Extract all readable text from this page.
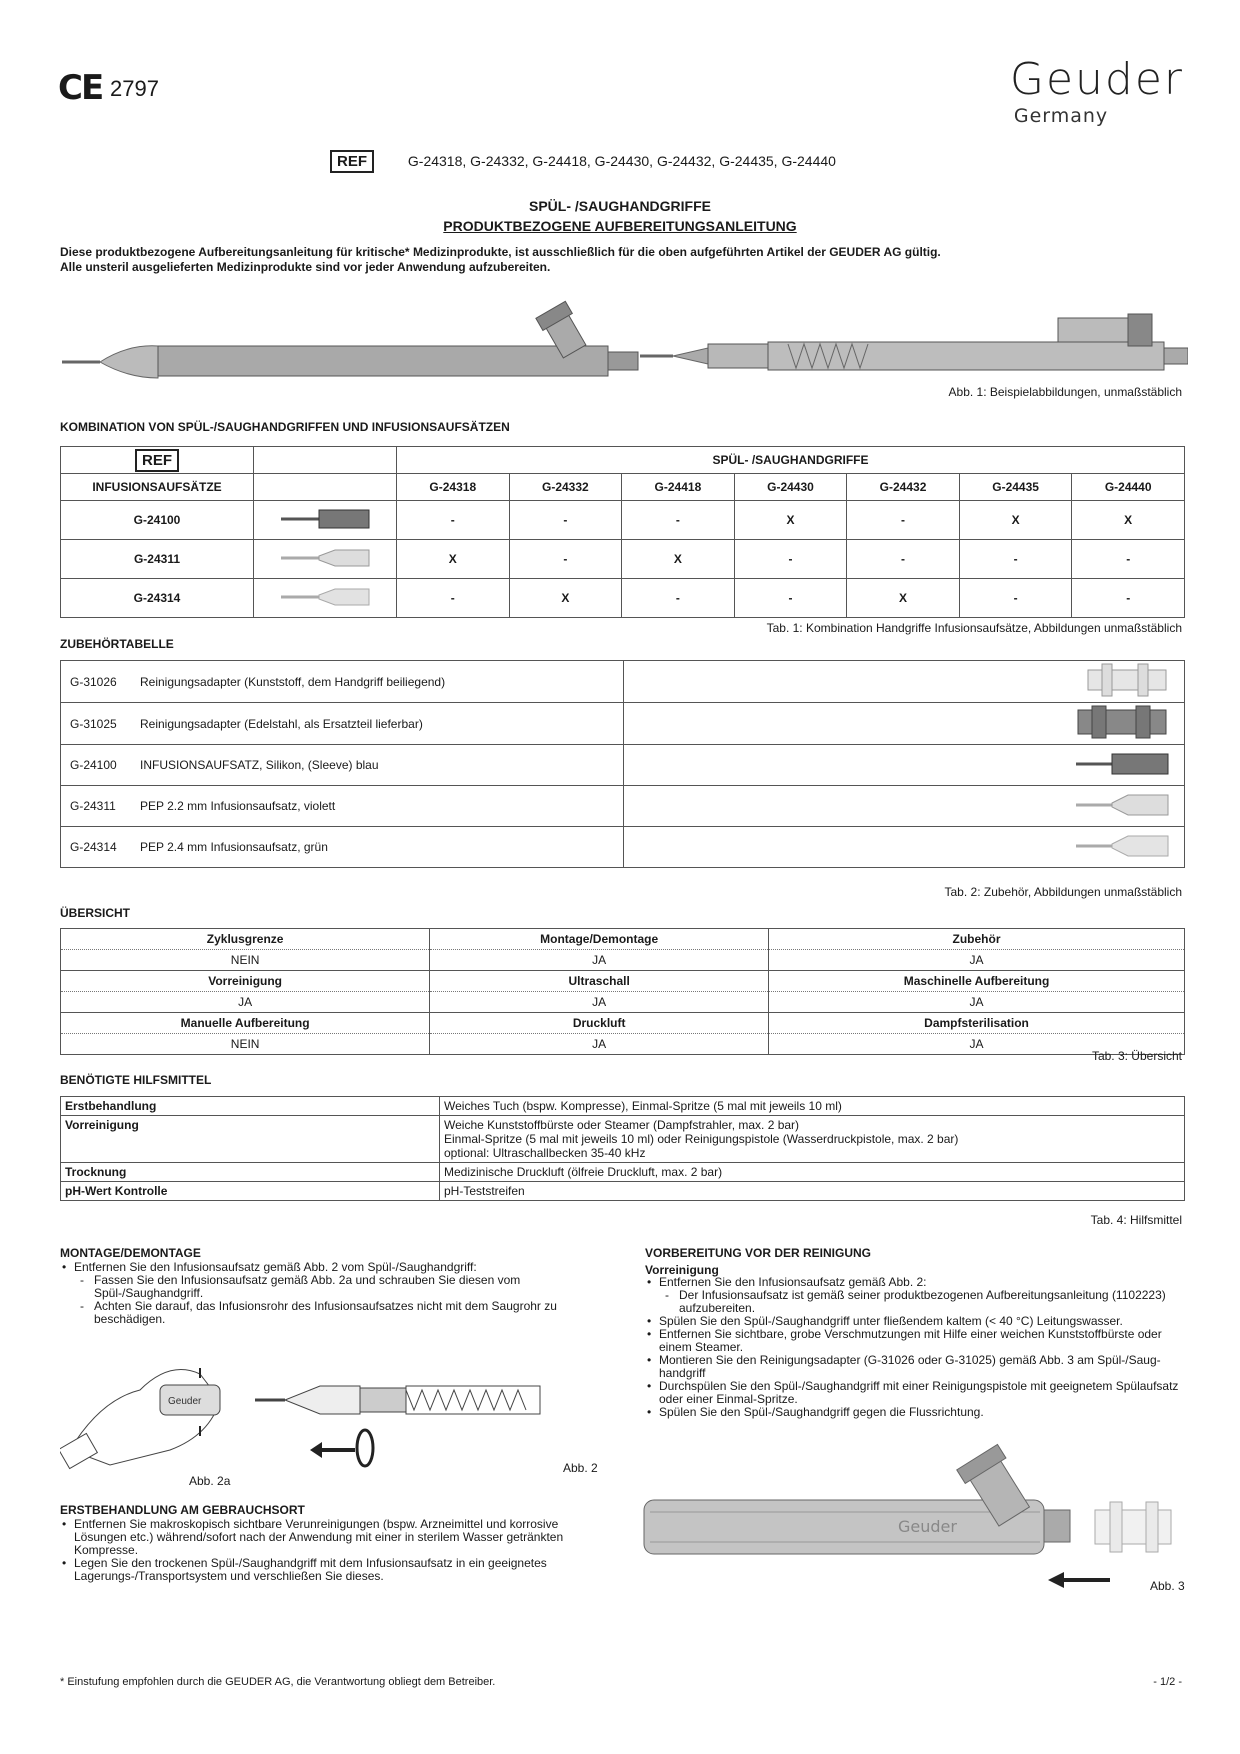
CE 2797	Geuder
Germany
REF	G-24318, G-24332, G-24418, G-24430, G-24432, G-24435, G-24440
SPÜL- /SAUGHANDGRIFFE
PRODUKTBEZOGENE AUFBEREITUNGSANLEITUNG
Diese produktbezogene Aufbereitungsanleitung für kritische* Medizinprodukte, ist ausschließlich für die oben aufgeführten Artikel der GEUDER AG gültig.
Alle unsteril ausgelieferten Medizinprodukte sind vor jeder Anwendung aufzubereiten.
Abb. 1: Beispielabbildungen, unmaßstäblich
KOMBINATION VON SPÜL-/SAUGHANDGRIFFEN UND INFUSIONSAUFSÄTZEN
REF		SPÜL- /SAUGHANDGRIFFE						
INFUSIONSAUFSÄTZE		G-24318	G-24332	G-24418	G-24430	G-24432	G-24435	G-24440
G-24100		-	-	-	X	-	X	X
G-24311		X	-	X	-	-	-	-
G-24314		-	X	-	-	X	-	-
Tab. 1: Kombination Handgriffe Infusionsaufsätze, Abbildungen unmaßstäblich
ZUBEHÖRTABELLE
G-31026 Reinigungsadapter (Kunststoff, dem Handgriff beiliegend)	
G-31025 Reinigungsadapter (Edelstahl, als Ersatzteil lieferbar)	
G-24100 INFUSIONSAUFSATZ, Silikon, (Sleeve) blau	
G-24311 PEP 2.2 mm Infusionsaufsatz, violett	
G-24314 PEP 2.4 mm Infusionsaufsatz, grün	
Tab. 2: Zubehör, Abbildungen unmaßstäblich
ÜBERSICHT
Zyklusgrenze	Montage/Demontage	Zubehör
NEIN	JA	JA
Vorreinigung	Ultraschall	Maschinelle Aufbereitung
JA	JA	JA
Manuelle Aufbereitung	Druckluft	Dampfsterilisation
NEIN	JA	JA
Tab. 3: Übersicht
BENÖTIGTE HILFSMITTEL
Erstbehandlung	Weiches Tuch (bspw. Kompresse), Einmal-Spritze (5 mal mit jeweils 10 ml)
Vorreinigung	Weiche Kunststoffbürste oder Steamer (Dampfstrahler, max. 2 bar)
Einmal-Spritze (5 mal mit jeweils 10 ml) oder Reinigungspistole (Wasserdruckpistole, max. 2 bar)
optional: Ultraschallbecken 35-40 kHz

Trocknung	Medizinische Druckluft (ölfreie Druckluft, max. 2 bar)
pH-Wert Kontrolle	pH-Teststreifen
Tab. 4: Hilfsmittel
MONTAGE/DEMONTAGE
• Entfernen Sie den Infusionsaufsatz gemäß Abb. 2 vom Spül-/Saughandgriff:
- Fassen Sie den Infusionsaufsatz gemäß Abb. 2a und schrauben Sie diesen vom
Spül-/Saughandgriff.
- Achten Sie darauf, das Infusionsrohr des Infusionsaufsatzes nicht mit dem Saugrohr zu
beschädigen.
Geuder
Abb. 2a
Abb. 2
ERSTBEHANDLUNG AM GEBRAUCHSORT
• Entfernen Sie makroskopisch sichtbare Verunreinigungen (bspw. Arzneimittel und korrosive
Lösungen etc.) während/sofort nach der Anwendung mit einer in sterilem Wasser getränkten
Kompresse.
• Legen Sie den trockenen Spül-/Saughandgriff mit dem Infusionsaufsatz in ein geeignetes
Lagerungs-/Transportsystem und verschließen Sie dieses.
VORBEREITUNG VOR DER REINIGUNG
Vorreinigung
• Entfernen Sie den Infusionsaufsatz gemäß Abb. 2:
- Der Infusionsaufsatz ist gemäß seiner produktbezogenen Aufbereitungsanleitung (1102223)
aufzubereiten.
• Spülen Sie den Spül-/Saughandgriff unter fließendem kaltem (< 40 °C) Leitungswasser.
• Entfernen Sie sichtbare, grobe Verschmutzungen mit Hilfe einer weichen Kunststoffbürste oder
einem Steamer.
• Montieren Sie den Reinigungsadapter (G-31026 oder G-31025) gemäß Abb. 3 am Spül-/Saug-
handgriff
• Durchspülen Sie den Spül-/Saughandgriff mit einer Reinigungspistole mit geeignetem Spülaufsatz
oder einer Einmal-Spritze.
• Spülen Sie den Spül-/Saughandgriff gegen die Flussrichtung.
Geuder
Abb. 3
* Einstufung empfohlen durch die GEUDER AG, die Verantwortung obliegt dem Betreiber.	- 1/2 -
